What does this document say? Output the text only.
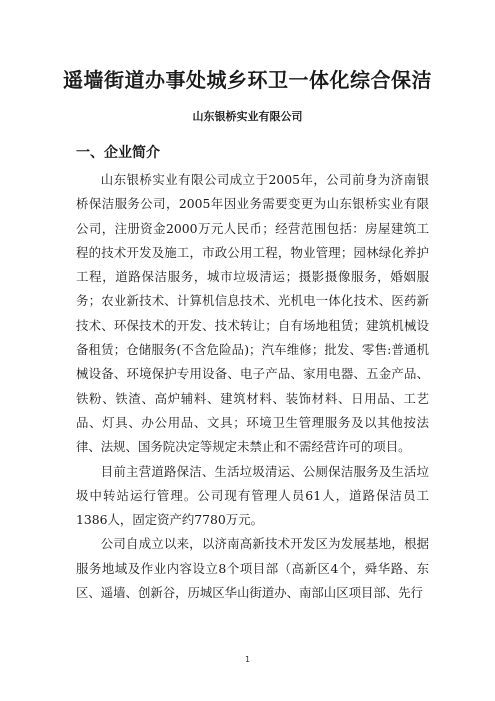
遥墙街道办事处城乡环卫一体化综合保洁
山东银桥实业有限公司
一、企业简介

山东银桥实业有限公司成立于2005年，公司前身为济南银桥保洁服务公司，2005年因业务需要变更为山东银桥实业有限公司，注册资金2000万元人民币；经营范围包括：房屋建筑工程的技术开发及施工，市政公用工程，物业管理；园林绿化养护工程，道路保洁服务，城市垃圾清运；摄影摄像服务，婚姻服务；农业新技术、计算机信息技术、光机电一体化技术、医药新技术、环保技术的开发、技术转让；自有场地租赁；建筑机械设备租赁；仓储服务(不含危险品)；汽车维修；批发、零售:普通机械设备、环境保护专用设备、电子产品、家用电器、五金产品、铁粉、铁渣、高炉辅料、建筑材料、装饰材料、日用品、工艺品、灯具、办公用品、文具；环境卫生管理服务及以其他按法律、法规、国务院决定等规定未禁止和不需经营许可的项目。

目前主营道路保洁、生活垃圾清运、公厕保洁服务及生活垃圾中转站运行管理。公司现有管理人员61人，道路保洁员工1386人，固定资产约7780万元。

公司自成立以来，以济南高新技术开发区为发展基地，根据服务地域及作业内容设立8个项目部（高新区4个，舜华路、东区、遥墙、创新谷，历城区华山街道办、南部山区项目部、先行

1
